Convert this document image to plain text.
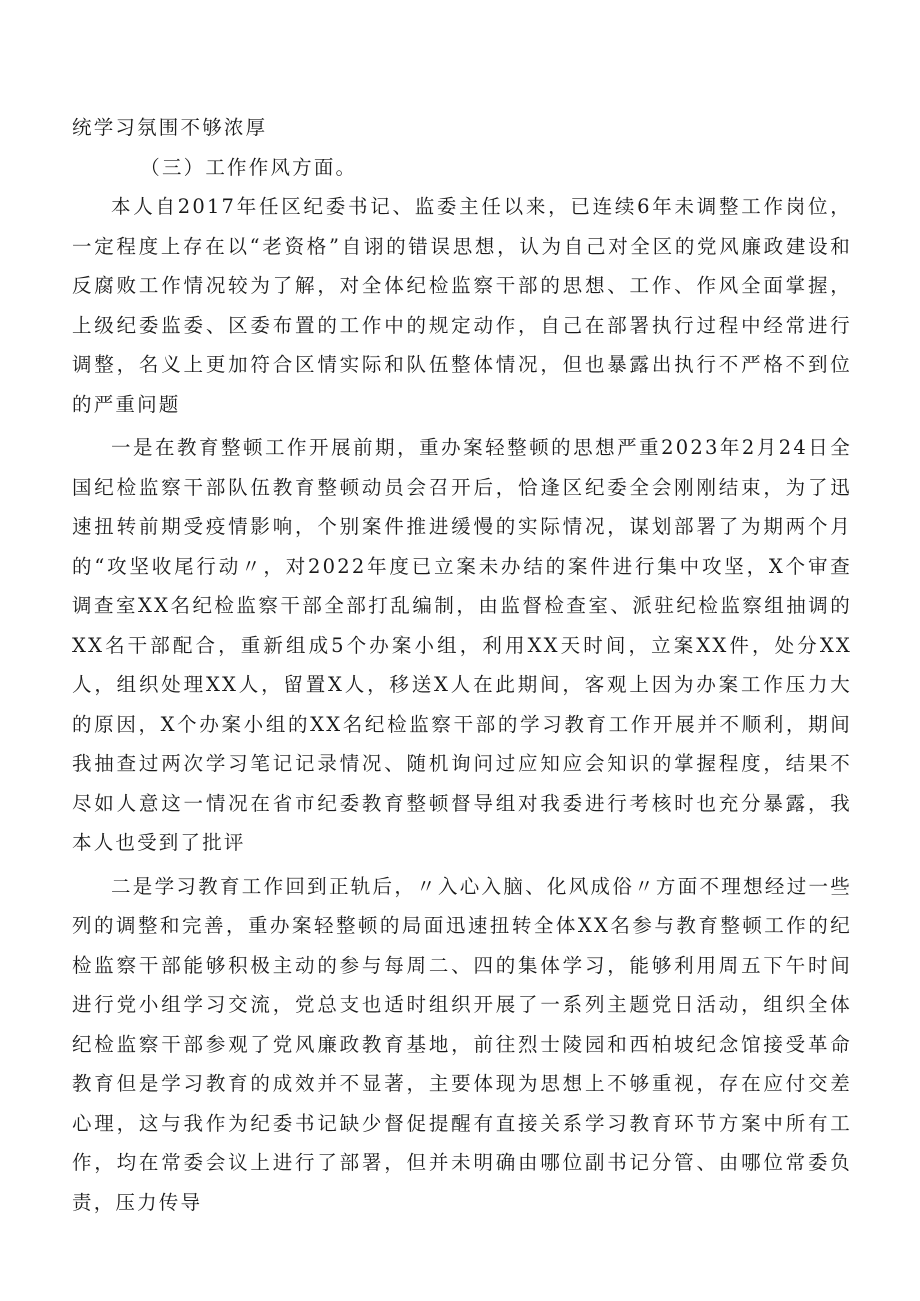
统学习氛围不够浓厚

（三）工作作风方面。

本人自2017年任区纪委书记、监委主任以来，已连续6年未调整工作岗位，一定程度上存在以“老资格”自诩的错误思想，认为自己对全区的党风廉政建设和反腐败工作情况较为了解，对全体纪检监察干部的思想、工作、作风全面掌握，上级纪委监委、区委布置的工作中的规定动作，自己在部署执行过程中经常进行调整，名义上更加符合区情实际和队伍整体情况，但也暴露出执行不严格不到位的严重问题

一是在教育整顿工作开展前期，重办案轻整顿的思想严重2023年2月24日全国纪检监察干部队伍教育整顿动员会召开后，恰逢区纪委全会刚刚结束，为了迅速扭转前期受疫情影响，个别案件推进缓慢的实际情况，谋划部署了为期两个月的“攻坚收尾行动〃，对2022年度已立案未办结的案件进行集中攻坚，X个审查调查室XX名纪检监察干部全部打乱编制，由监督检查室、派驻纪检监察组抽调的XX名干部配合，重新组成5个办案小组，利用XX天时间，立案XX件，处分XX人，组织处理XX人，留置X人，移送X人在此期间，客观上因为办案工作压力大的原因，X个办案小组的XX名纪检监察干部的学习教育工作开展并不顺利，期间我抽查过两次学习笔记记录情况、随机询问过应知应会知识的掌握程度，结果不尽如人意这一情况在省市纪委教育整顿督导组对我委进行考核时也充分暴露，我本人也受到了批评

二是学习教育工作回到正轨后，〃入心入脑、化风成俗〃方面不理想经过一些列的调整和完善，重办案轻整顿的局面迅速扭转全体XX名参与教育整顿工作的纪检监察干部能够积极主动的参与每周二、四的集体学习，能够利用周五下午时间进行党小组学习交流，党总支也适时组织开展了一系列主题党日活动，组织全体纪检监察干部参观了党风廉政教育基地，前往烈士陵园和西柏坡纪念馆接受革命教育但是学习教育的成效并不显著，主要体现为思想上不够重视，存在应付交差心理，这与我作为纪委书记缺少督促提醒有直接关系学习教育环节方案中所有工作，均在常委会议上进行了部署，但并未明确由哪位副书记分管、由哪位常委负责，压力传导
